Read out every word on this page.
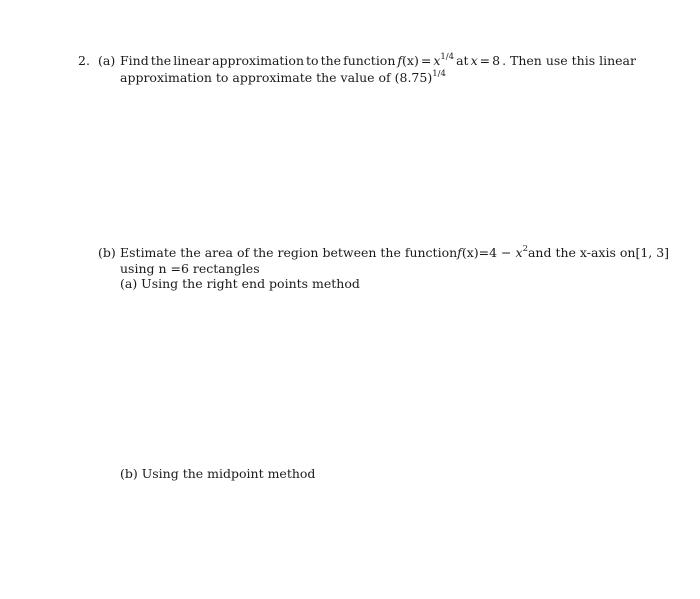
2. (a) Find the linear approximation to the function $f(x) = x^{1/4}$ at x = 8 . Then use this linear
approximation to approximate the value of $(8.75)^{1/4}$
(b) Estimate the area of the region between the function $f(x) = 4 - x^2$ and the x-axis on [1, 3]
using n =6 rectangles
(a) Using the right end points method
(b) Using the midpoint method
